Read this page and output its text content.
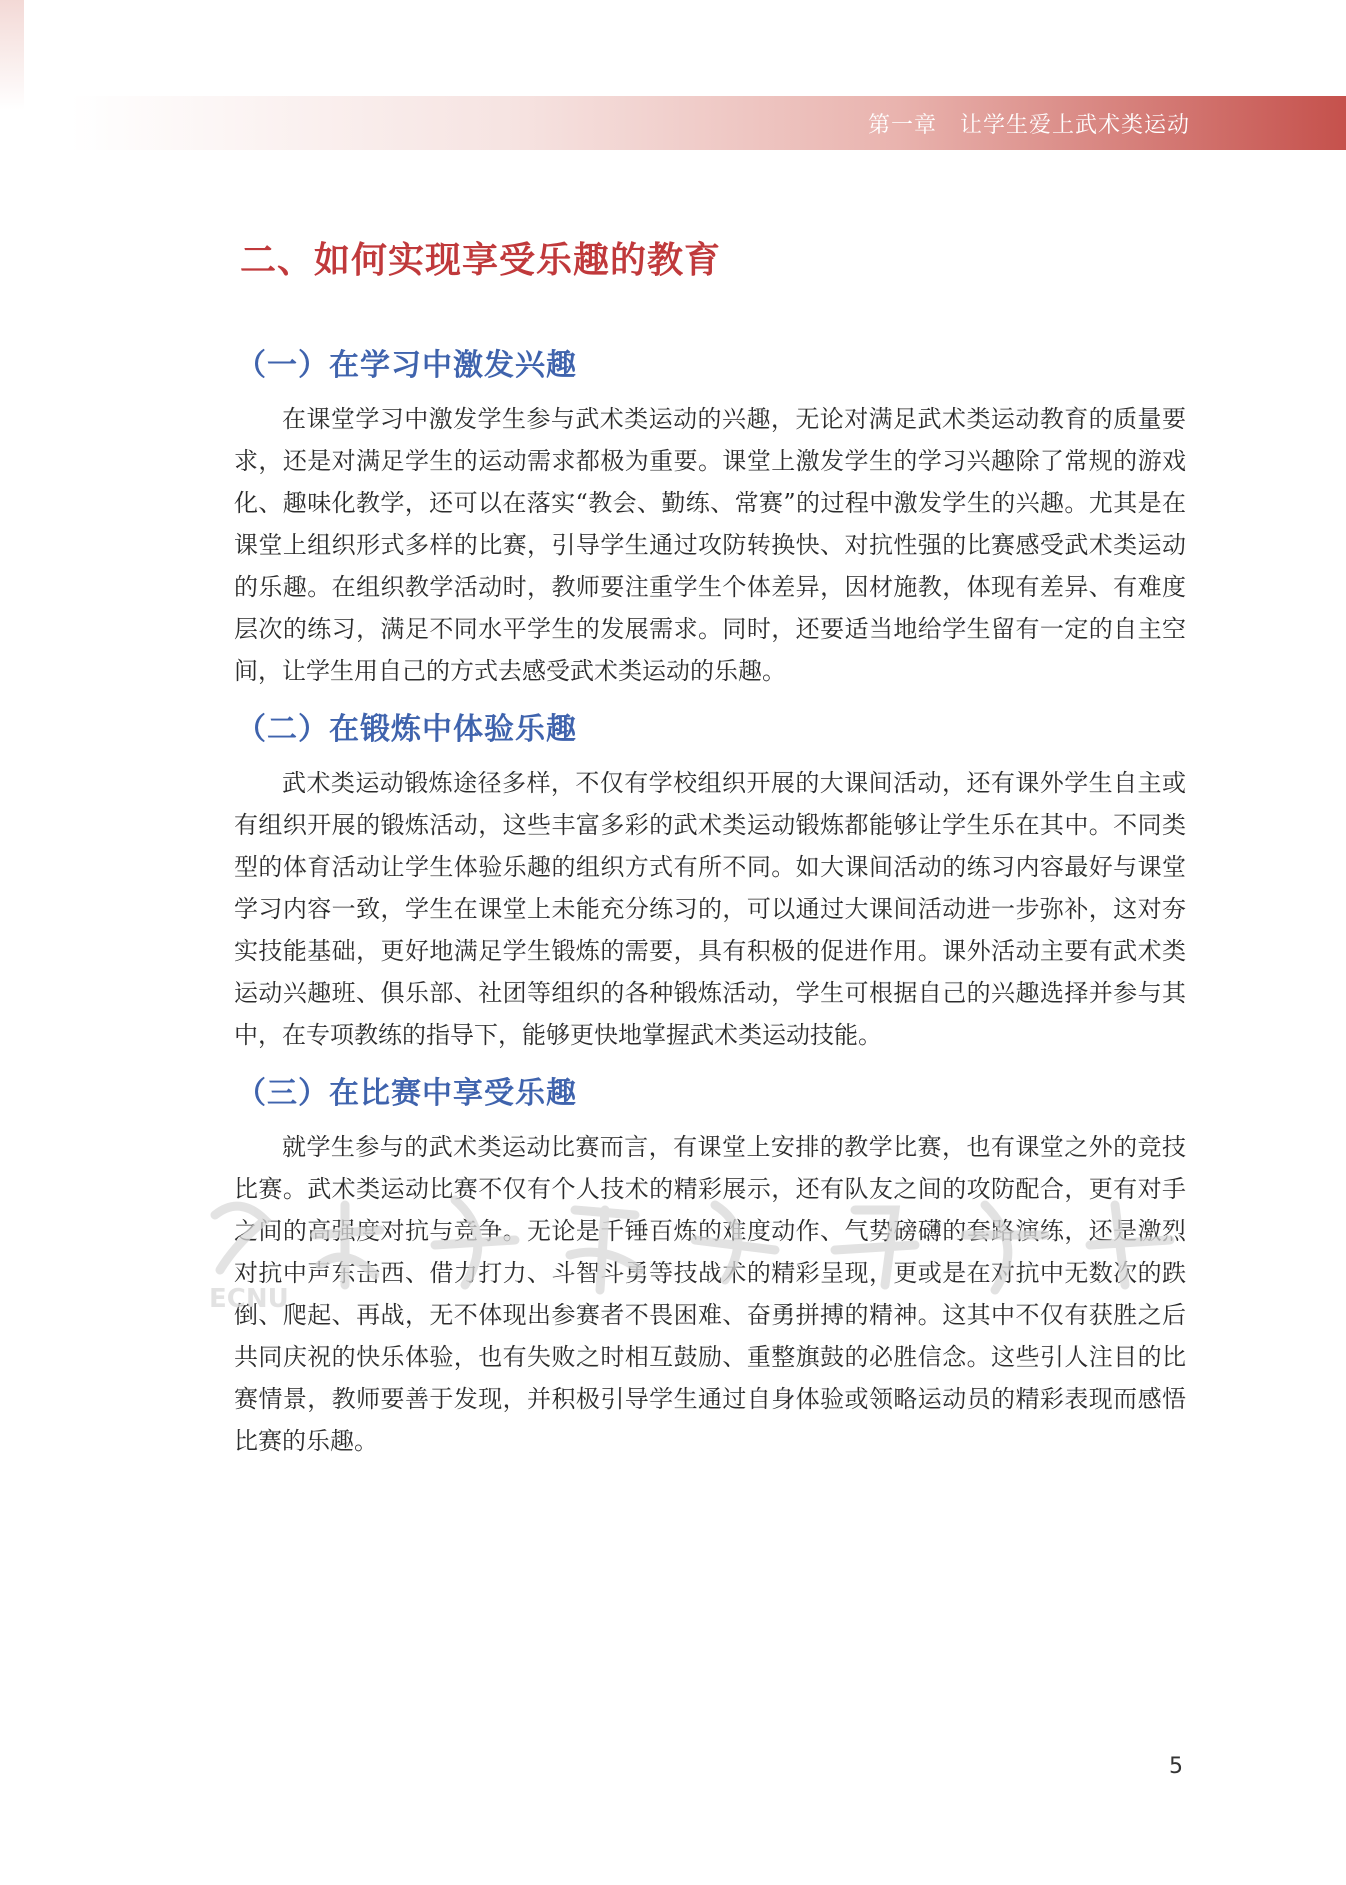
第一章　让学生爱上武术类运动
二、如何实现享受乐趣的教育
（一）在学习中激发兴趣

在课堂学习中激发学生参与武术类运动的兴趣，无论对满足武术类运动教育的质量要求，还是对满足学生的运动需求都极为重要。课堂上激发学生的学习兴趣除了常规的游戏化、趣味化教学，还可以在落实“教会、勤练、常赛”的过程中激发学生的兴趣。尤其是在课堂上组织形式多样的比赛，引导学生通过攻防转换快、对抗性强的比赛感受武术类运动的乐趣。在组织教学活动时，教师要注重学生个体差异，因材施教，体现有差异、有难度层次的练习，满足不同水平学生的发展需求。同时，还要适当地给学生留有一定的自主空间，让学生用自己的方式去感受武术类运动的乐趣。

（二）在锻炼中体验乐趣

武术类运动锻炼途径多样，不仅有学校组织开展的大课间活动，还有课外学生自主或有组织开展的锻炼活动，这些丰富多彩的武术类运动锻炼都能够让学生乐在其中。不同类型的体育活动让学生体验乐趣的组织方式有所不同。如大课间活动的练习内容最好与课堂学习内容一致，学生在课堂上未能充分练习的，可以通过大课间活动进一步弥补，这对夯实技能基础，更好地满足学生锻炼的需要，具有积极的促进作用。课外活动主要有武术类运动兴趣班、俱乐部、社团等组织的各种锻炼活动，学生可根据自己的兴趣选择并参与其中，在专项教练的指导下，能够更快地掌握武术类运动技能。

（三）在比赛中享受乐趣

就学生参与的武术类运动比赛而言，有课堂上安排的教学比赛，也有课堂之外的竞技比赛。武术类运动比赛不仅有个人技术的精彩展示，还有队友之间的攻防配合，更有对手之间的高强度对抗与竞争。无论是千锤百炼的难度动作、气势磅礴的套路演练，还是激烈对抗中声东击西、借力打力、斗智斗勇等技战术的精彩呈现，更或是在对抗中无数次的跌倒、爬起、再战，无不体现出参赛者不畏困难、奋勇拼搏的精神。这其中不仅有获胜之后共同庆祝的快乐体验，也有失败之时相互鼓励、重整旗鼓的必胜信念。这些引人注目的比赛情景，教师要善于发现，并积极引导学生通过自身体验或领略运动员的精彩表现而感悟比赛的乐趣。

ECNU
5
